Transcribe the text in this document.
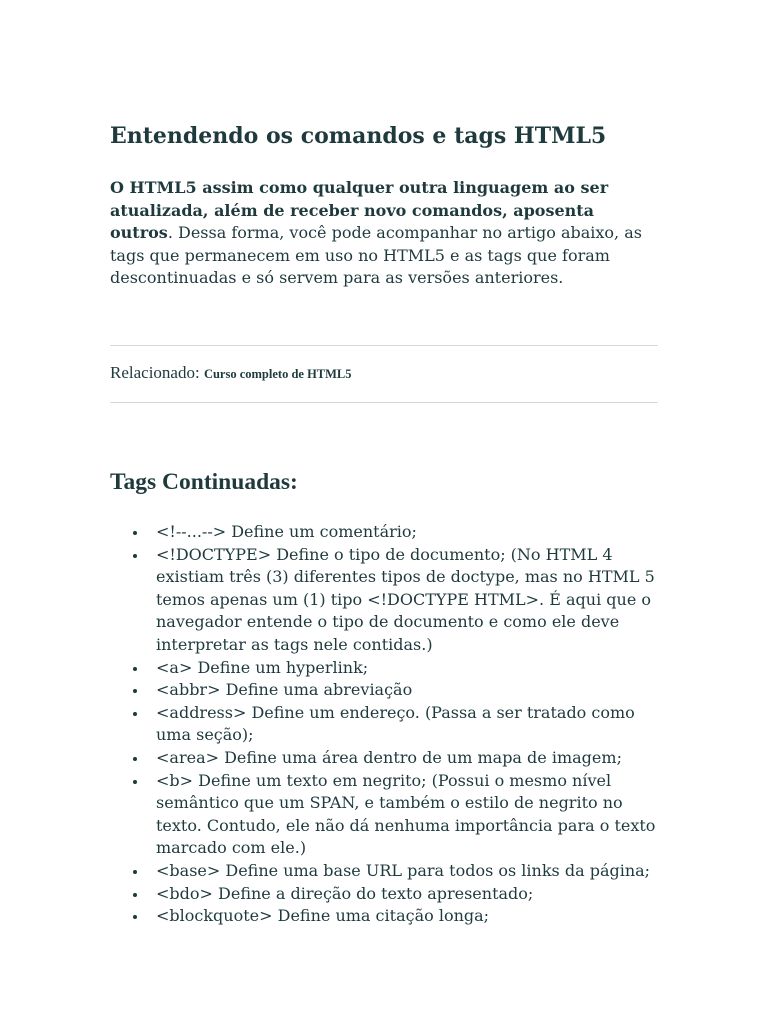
Entendendo os comandos e tags HTML5

O HTML5 assim como qualquer outra linguagem ao ser atualizada, além de receber novo comandos, aposenta outros. Dessa forma, você pode acompanhar no artigo abaixo, as tags que permanecem em uso no HTML5 e as tags que foram descontinuadas e só servem para as versões anteriores.

Relacionado: Curso completo de HTML5

Tags Continuadas:
<!--...--> Define um comentário;
<!DOCTYPE> Define o tipo de documento; (No HTML 4 existiam três (3) diferentes tipos de doctype, mas no HTML 5 temos apenas um (1) tipo <!DOCTYPE HTML>. É aqui que o navegador entende o tipo de documento e como ele deve interpretar as tags nele contidas.)
<a> Define um hyperlink;
<abbr> Define uma abreviação
<address> Define um endereço. (Passa a ser tratado como uma seção);
<area> Define uma área dentro de um mapa de imagem;
<b> Define um texto em negrito; (Possui o mesmo nível semântico que um SPAN, e também o estilo de negrito no texto. Contudo, ele não dá nenhuma importância para o texto marcado com ele.)
<base> Define uma base URL para todos os links da página;
<bdo> Define a direção do texto apresentado;
<blockquote> Define uma citação longa;
